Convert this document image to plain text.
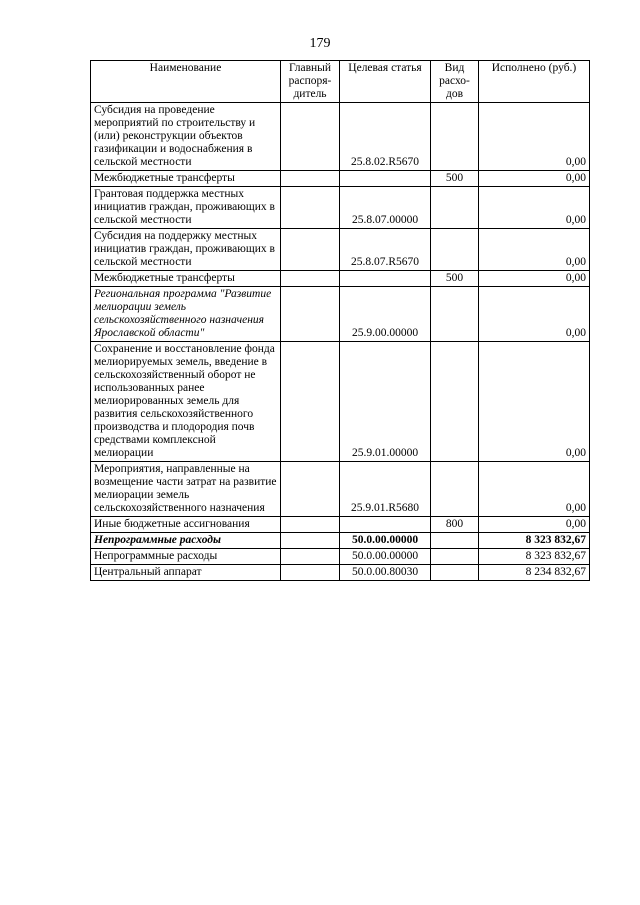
179
Наименование	Главный распоря-дитель	Целевая статья	Вид расхо-дов	Исполнено (руб.)
Субсидия на проведение мероприятий по строительству и (или) реконструкции объектов газификации и водоснабжения в сельской местности		25.8.02.R5670		0,00
Межбюджетные трансферты			500	0,00
Грантовая поддержка местных инициатив граждан, проживающих в сельской местности		25.8.07.00000		0,00
Субсидия на поддержку местных инициатив граждан, проживающих в сельской местности		25.8.07.R5670		0,00
Межбюджетные трансферты			500	0,00
Региональная программа "Развитие мелиорации земель сельскохозяйственного назначения Ярославской области"		25.9.00.00000		0,00
Сохранение и восстановление фонда мелиорируемых земель, введение в сельскохозяйственный оборот не использованных ранее мелиорированных земель для развития сельскохозяйственного производства и плодородия почв средствами комплексной мелиорации		25.9.01.00000		0,00
Мероприятия, направленные на возмещение части затрат на развитие мелиорации земель сельскохозяйственного назначения		25.9.01.R5680		0,00
Иные бюджетные ассигнования			800	0,00
Непрограммные расходы		50.0.00.00000		8 323 832,67
Непрограммные расходы		50.0.00.00000		8 323 832,67
Центральный аппарат		50.0.00.80030		8 234 832,67
